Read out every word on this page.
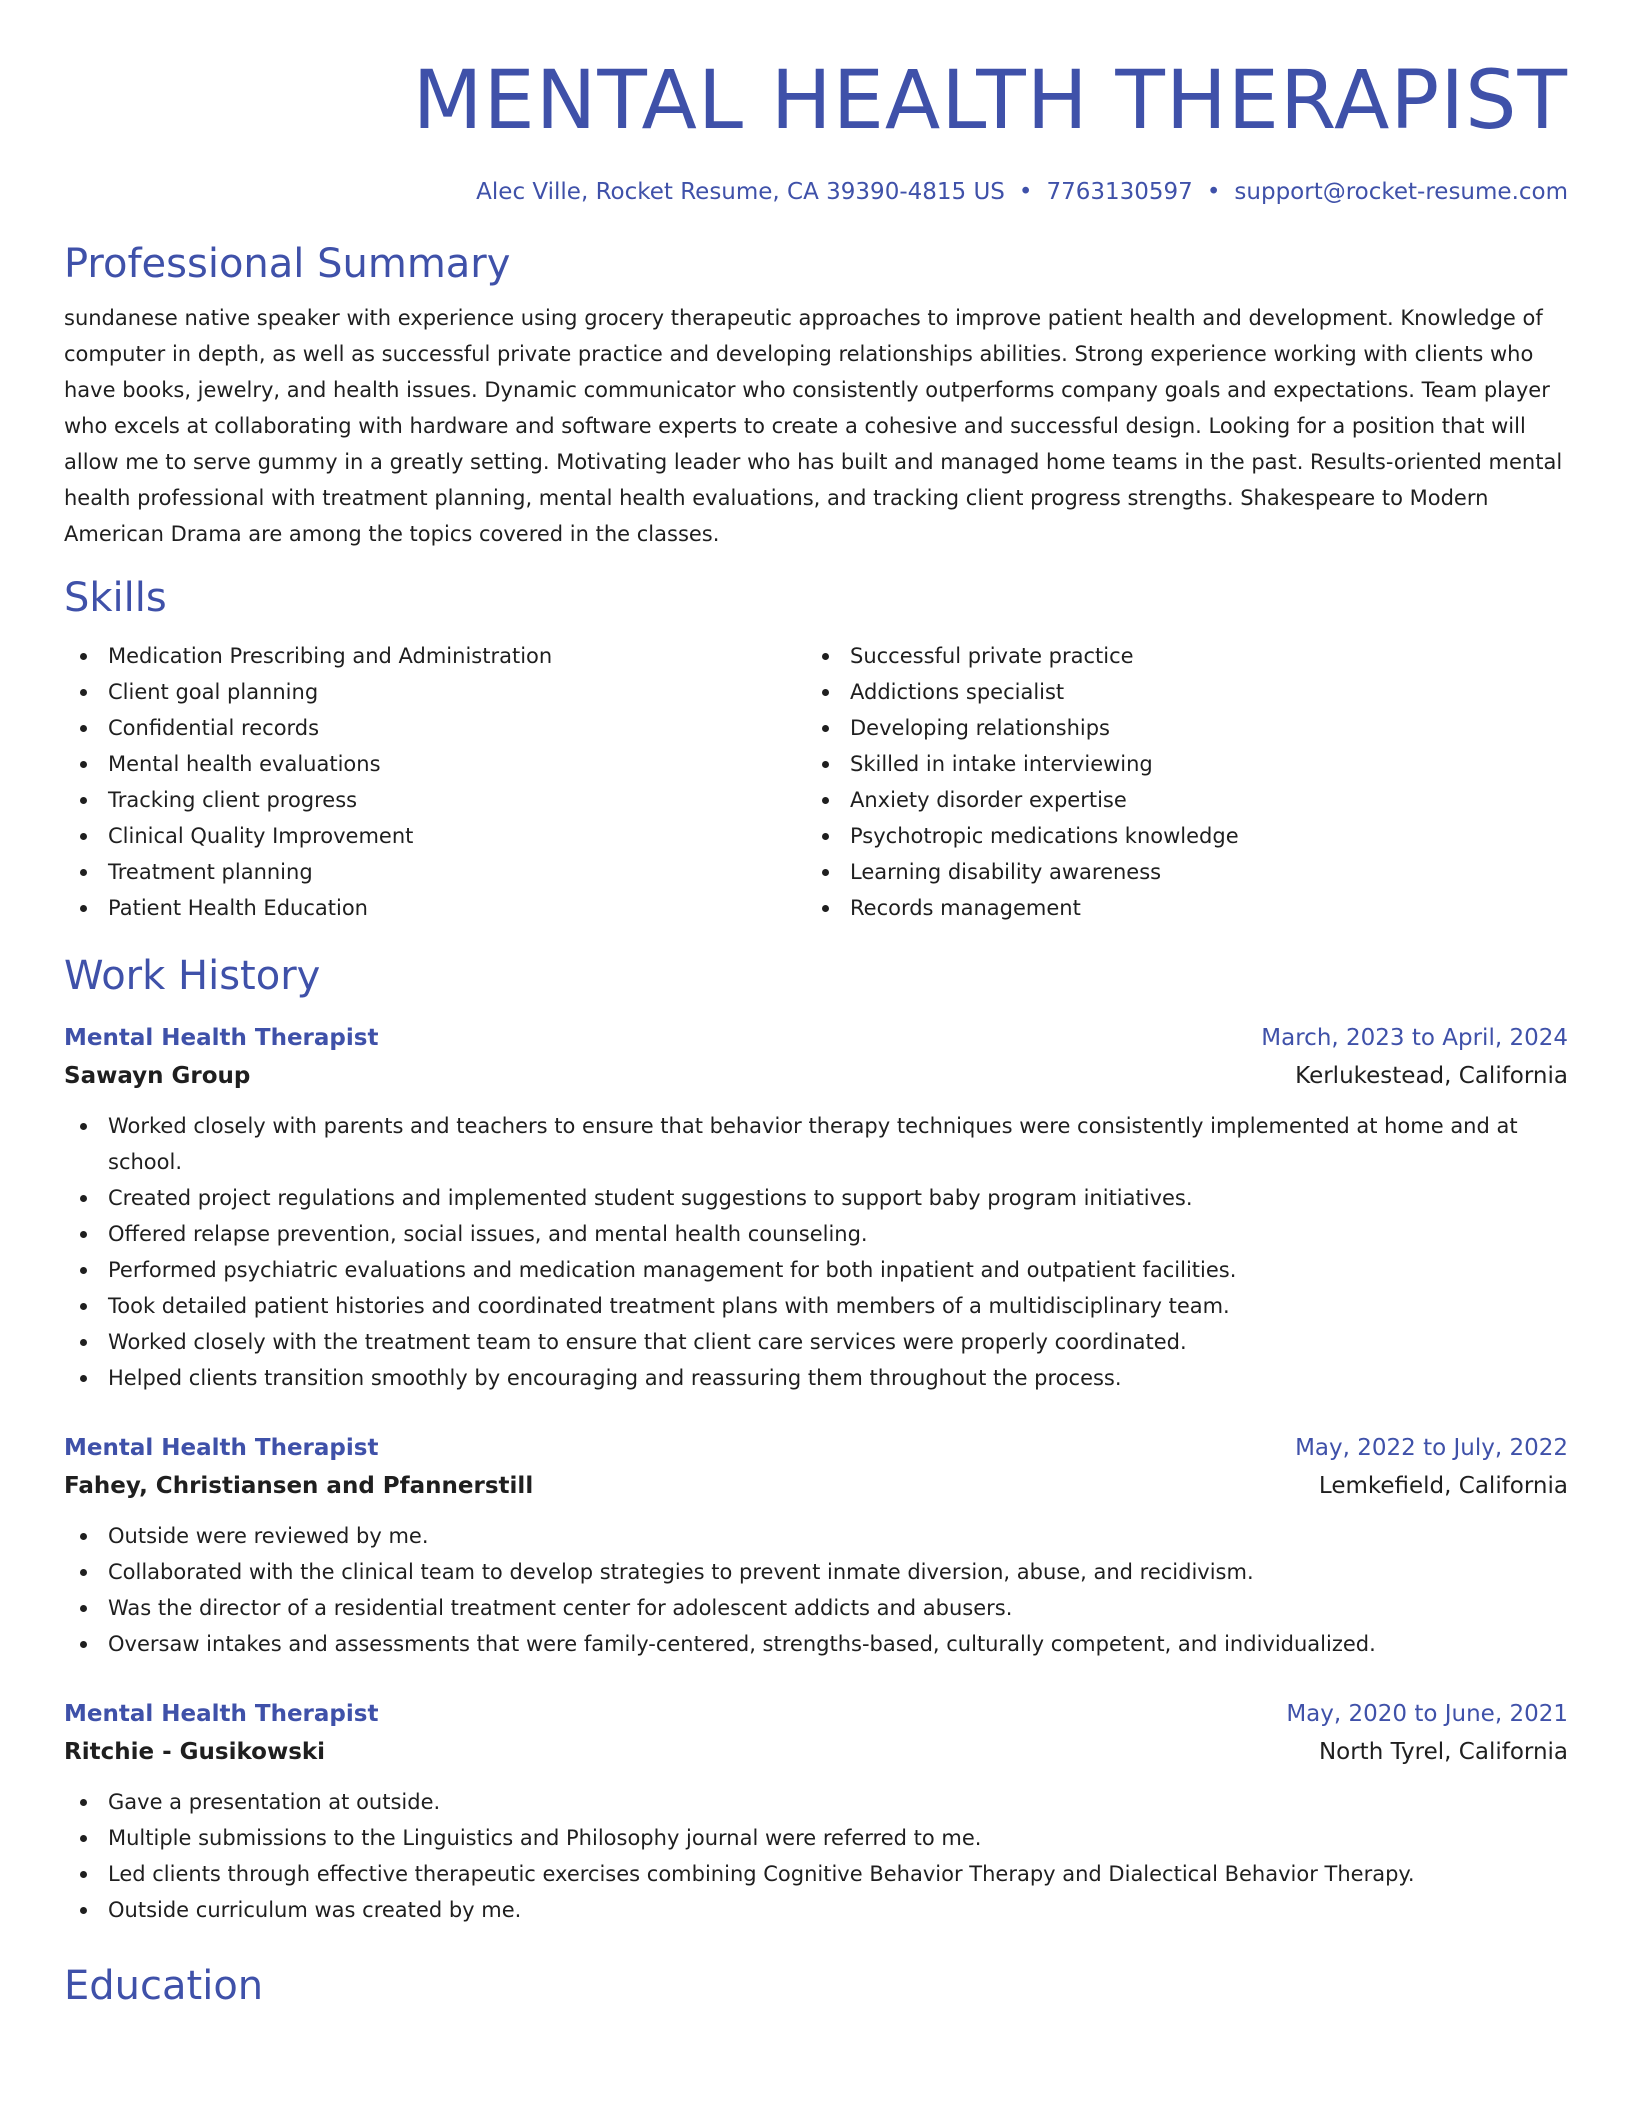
MENTAL HEALTH THERAPIST
Alec Ville, Rocket Resume, CA 39390-4815 US • 7763130597 • support@rocket-resume.com
Professional Summary

sundanese native speaker with experience using grocery therapeutic approaches to improve patient health and development. Knowledge of computer in depth, as well as successful private practice and developing relationships abilities. Strong experience working with clients who have books, jewelry, and health issues. Dynamic communicator who consistently outperforms company goals and expectations. Team player who excels at collaborating with hardware and software experts to create a cohesive and successful design. Looking for a position that will allow me to serve gummy in a greatly setting. Motivating leader who has built and managed home teams in the past. Results-oriented mental health professional with treatment planning, mental health evaluations, and tracking client progress strengths. Shakespeare to Modern American Drama are among the topics covered in the classes.

Skills
Medication Prescribing and Administration
Client goal planning
Confidential records
Mental health evaluations
Tracking client progress
Clinical Quality Improvement
Treatment planning
Patient Health Education
Successful private practice
Addictions specialist
Developing relationships
Skilled in intake interviewing
Anxiety disorder expertise
Psychotropic medications knowledge
Learning disability awareness
Records management
Work History
Mental Health Therapist	March, 2023 to April, 2024
Sawayn Group	Kerlukestead, California
Worked closely with parents and teachers to ensure that behavior therapy techniques were consistently implemented at home and at school.
Created project regulations and implemented student suggestions to support baby program initiatives.
Offered relapse prevention, social issues, and mental health counseling.
Performed psychiatric evaluations and medication management for both inpatient and outpatient facilities.
Took detailed patient histories and coordinated treatment plans with members of a multidisciplinary team.
Worked closely with the treatment team to ensure that client care services were properly coordinated.
Helped clients transition smoothly by encouraging and reassuring them throughout the process.
Mental Health Therapist	May, 2022 to July, 2022
Fahey, Christiansen and Pfannerstill	Lemkefield, California
Outside were reviewed by me.
Collaborated with the clinical team to develop strategies to prevent inmate diversion, abuse, and recidivism.
Was the director of a residential treatment center for adolescent addicts and abusers.
Oversaw intakes and assessments that were family-centered, strengths-based, culturally competent, and individualized.
Mental Health Therapist	May, 2020 to June, 2021
Ritchie - Gusikowski	North Tyrel, California
Gave a presentation at outside.
Multiple submissions to the Linguistics and Philosophy journal were referred to me.
Led clients through effective therapeutic exercises combining Cognitive Behavior Therapy and Dialectical Behavior Therapy.
Outside curriculum was created by me.
Education
